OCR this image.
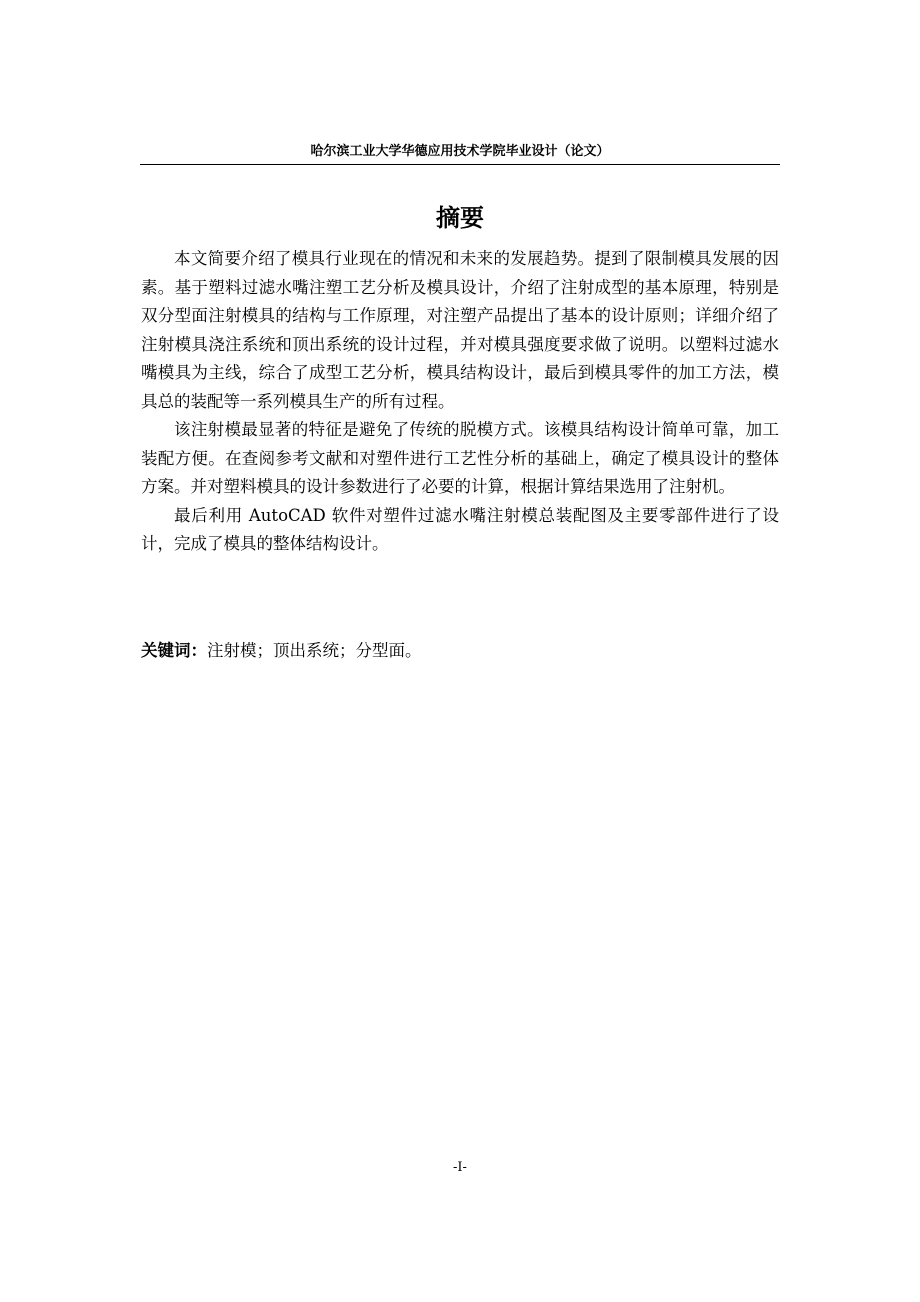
哈尔滨工业大学华德应用技术学院毕业设计（论文）
摘要

本文简要介绍了模具行业现在的情况和未来的发展趋势。提到了限制模具发展的因素。基于塑料过滤水嘴注塑工艺分析及模具设计，介绍了注射成型的基本原理，特别是双分型面注射模具的结构与工作原理，对注塑产品提出了基本的设计原则；详细介绍了注射模具浇注系统和顶出系统的设计过程，并对模具强度要求做了说明。以塑料过滤水嘴模具为主线，综合了成型工艺分析，模具结构设计，最后到模具零件的加工方法，模具总的装配等一系列模具生产的所有过程。

该注射模最显著的特征是避免了传统的脱模方式。该模具结构设计简单可靠，加工装配方便。在查阅参考文献和对塑件进行工艺性分析的基础上，确定了模具设计的整体方案。并对塑料模具的设计参数进行了必要的计算，根据计算结果选用了注射机。

最后利用 AutoCAD 软件对塑件过滤水嘴注射模总装配图及主要零部件进行了设计，完成了模具的整体结构设计。

关键词：注射模；顶出系统；分型面。
-I-
